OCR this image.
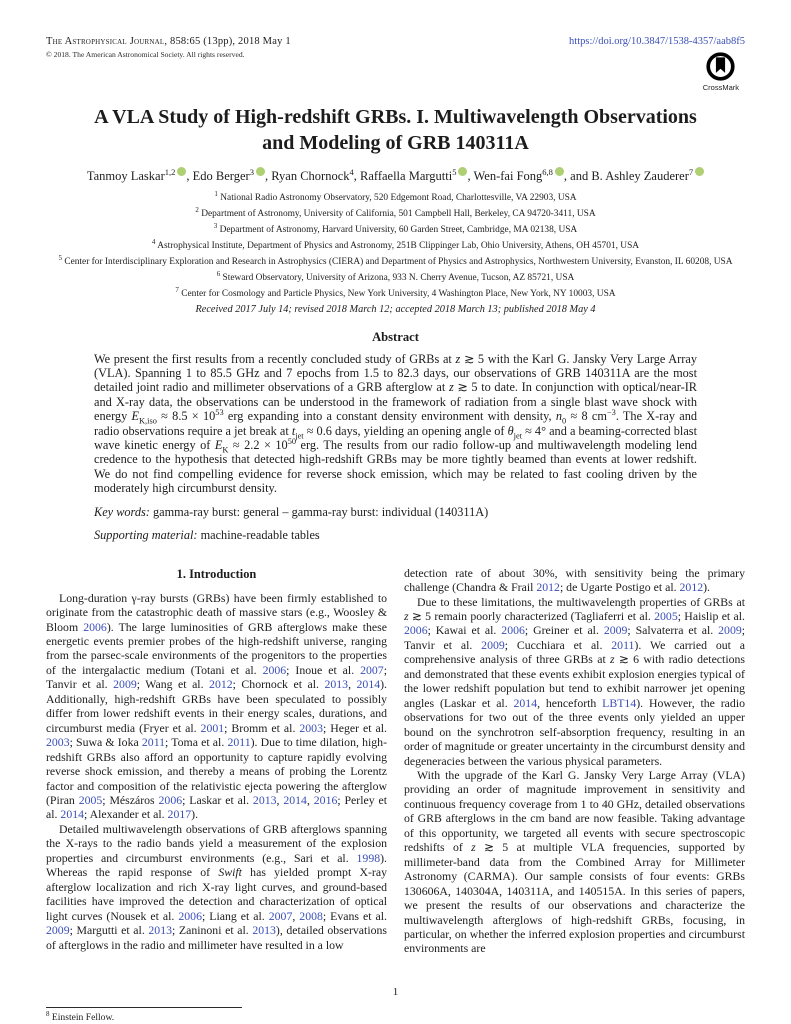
The Astrophysical Journal, 858:65 (13pp), 2018 May 1
© 2018. The American Astronomical Society. All rights reserved.
https://doi.org/10.3847/1538-4357/aab8f5
CrossMark
A VLA Study of High-redshift GRBs. I. Multiwavelength Observations and Modeling of GRB 140311A
Tanmoy Laskar$^{1,2}$ , Edo Berger$^3$ , Ryan Chornock$^4$, Raffaella Margutti$^5$ , Wen-fai Fong$^{6,8}$ , and B. Ashley Zauderer$^7$
$^1$ National Radio Astronomy Observatory, 520 Edgemont Road, Charlottesville, VA 22903, USA
$^2$ Department of Astronomy, University of California, 501 Campbell Hall, Berkeley, CA 94720-3411, USA
$^3$ Department of Astronomy, Harvard University, 60 Garden Street, Cambridge, MA 02138, USA
$^4$ Astrophysical Institute, Department of Physics and Astronomy, 251B Clippinger Lab, Ohio University, Athens, OH 45701, USA
$^5$ Center for Interdisciplinary Exploration and Research in Astrophysics (CIERA) and Department of Physics and Astrophysics, Northwestern University, Evanston, IL 60208, USA
$^6$ Steward Observatory, University of Arizona, 933 N. Cherry Avenue, Tucson, AZ 85721, USA
$^7$ Center for Cosmology and Particle Physics, New York University, 4 Washington Place, New York, NY 10003, USA
Received 2017 July 14; revised 2018 March 12; accepted 2018 March 13; published 2018 May 4
Abstract

We present the first results from a recently concluded study of GRBs at z ≳ 5 with the Karl G. Jansky Very Large Array (VLA). Spanning 1 to 85.5 GHz and 7 epochs from 1.5 to 82.3 days, our observations of GRB 140311A are the most detailed joint radio and millimeter observations of a GRB afterglow at z ≳ 5 to date. In conjunction with optical/near-IR and X-ray data, the observations can be understood in the framework of radiation from a single blast wave shock with energy $E_{K,iso} \approx 8.5 \times 10^{53}$ erg expanding into a constant density environment with density, $n_0 \approx 8$ $cm^{-3}$. The X-ray and radio observations require a jet break at $t_{jet} \approx 0.6$ days, yielding an opening angle of $\theta_{jet} \approx 4^\circ$ and a beaming-corrected blast wave kinetic energy of $E_K \approx 2.2 \times 10^{50}$ erg. The results from our radio follow-up and multiwavelength modeling lend credence to the hypothesis that detected high-redshift GRBs may be more tightly beamed than events at lower redshift. We do not find compelling evidence for reverse shock emission, which may be related to fast cooling driven by the moderately high circumburst density.

Key words: gamma-ray burst: general – gamma-ray burst: individual (140311A)

Supporting material: machine-readable tables

1. Introduction

Long-duration γ-ray bursts (GRBs) have been firmly established to originate from the catastrophic death of massive stars (e.g., Woosley & Bloom 2006). The large luminosities of GRB afterglows make these energetic events premier probes of the high-redshift universe, ranging from the parsec-scale environments of the progenitors to the properties of the intergalactic medium (Totani et al. 2006; Inoue et al. 2007; Tanvir et al. 2009; Wang et al. 2012; Chornock et al. 2013, 2014). Additionally, high-redshift GRBs have been speculated to possibly differ from lower redshift events in their energy scales, durations, and circumburst media (Fryer et al. 2001; Bromm et al. 2003; Heger et al. 2003; Suwa & Ioka 2011; Toma et al. 2011). Due to time dilation, high-redshift GRBs also afford an opportunity to capture rapidly evolving reverse shock emission, and thereby a means of probing the Lorentz factor and composition of the relativistic ejecta powering the afterglow (Piran 2005; Mészáros 2006; Laskar et al. 2013, 2014, 2016; Perley et al. 2014; Alexander et al. 2017).

Detailed multiwavelength observations of GRB afterglows spanning the X-rays to the radio bands yield a measurement of the explosion properties and circumburst environments (e.g., Sari et al. 1998). Whereas the rapid response of Swift has yielded prompt X-ray afterglow localization and rich X-ray light curves, and ground-based facilities have improved the detection and characterization of optical light curves (Nousek et al. 2006; Liang et al. 2007, 2008; Evans et al. 2009; Margutti et al. 2013; Zaninoni et al. 2013), detailed observations of afterglows in the radio and millimeter have resulted in a low

$^8$ Einstein Fellow.

detection rate of about 30%, with sensitivity being the primary challenge (Chandra & Frail 2012; de Ugarte Postigo et al. 2012).

Due to these limitations, the multiwavelength properties of GRBs at z ≳ 5 remain poorly characterized (Tagliaferri et al. 2005; Haislip et al. 2006; Kawai et al. 2006; Greiner et al. 2009; Salvaterra et al. 2009; Tanvir et al. 2009; Cucchiara et al. 2011). We carried out a comprehensive analysis of three GRBs at z ≳ 6 with radio detections and demonstrated that these events exhibit explosion energies typical of the lower redshift population but tend to exhibit narrower jet opening angles (Laskar et al. 2014, henceforth LBT14). However, the radio observations for two out of the three events only yielded an upper bound on the synchrotron self-absorption frequency, resulting in an order of magnitude or greater uncertainty in the circumburst density and degeneracies between the various physical parameters.

With the upgrade of the Karl G. Jansky Very Large Array (VLA) providing an order of magnitude improvement in sensitivity and continuous frequency coverage from 1 to 40 GHz, detailed observations of GRB afterglows in the cm band are now feasible. Taking advantage of this opportunity, we targeted all events with secure spectroscopic redshifts of z ≳ 5 at multiple VLA frequencies, supported by millimeter-band data from the Combined Array for Millimeter Astronomy (CARMA). Our sample consists of four events: GRBs 130606A, 140304A, 140311A, and 140515A. In this series of papers, we present the results of our observations and characterize the multiwavelength afterglows of high-redshift GRBs, focusing, in particular, on whether the inferred explosion properties and circumburst environments are

1
